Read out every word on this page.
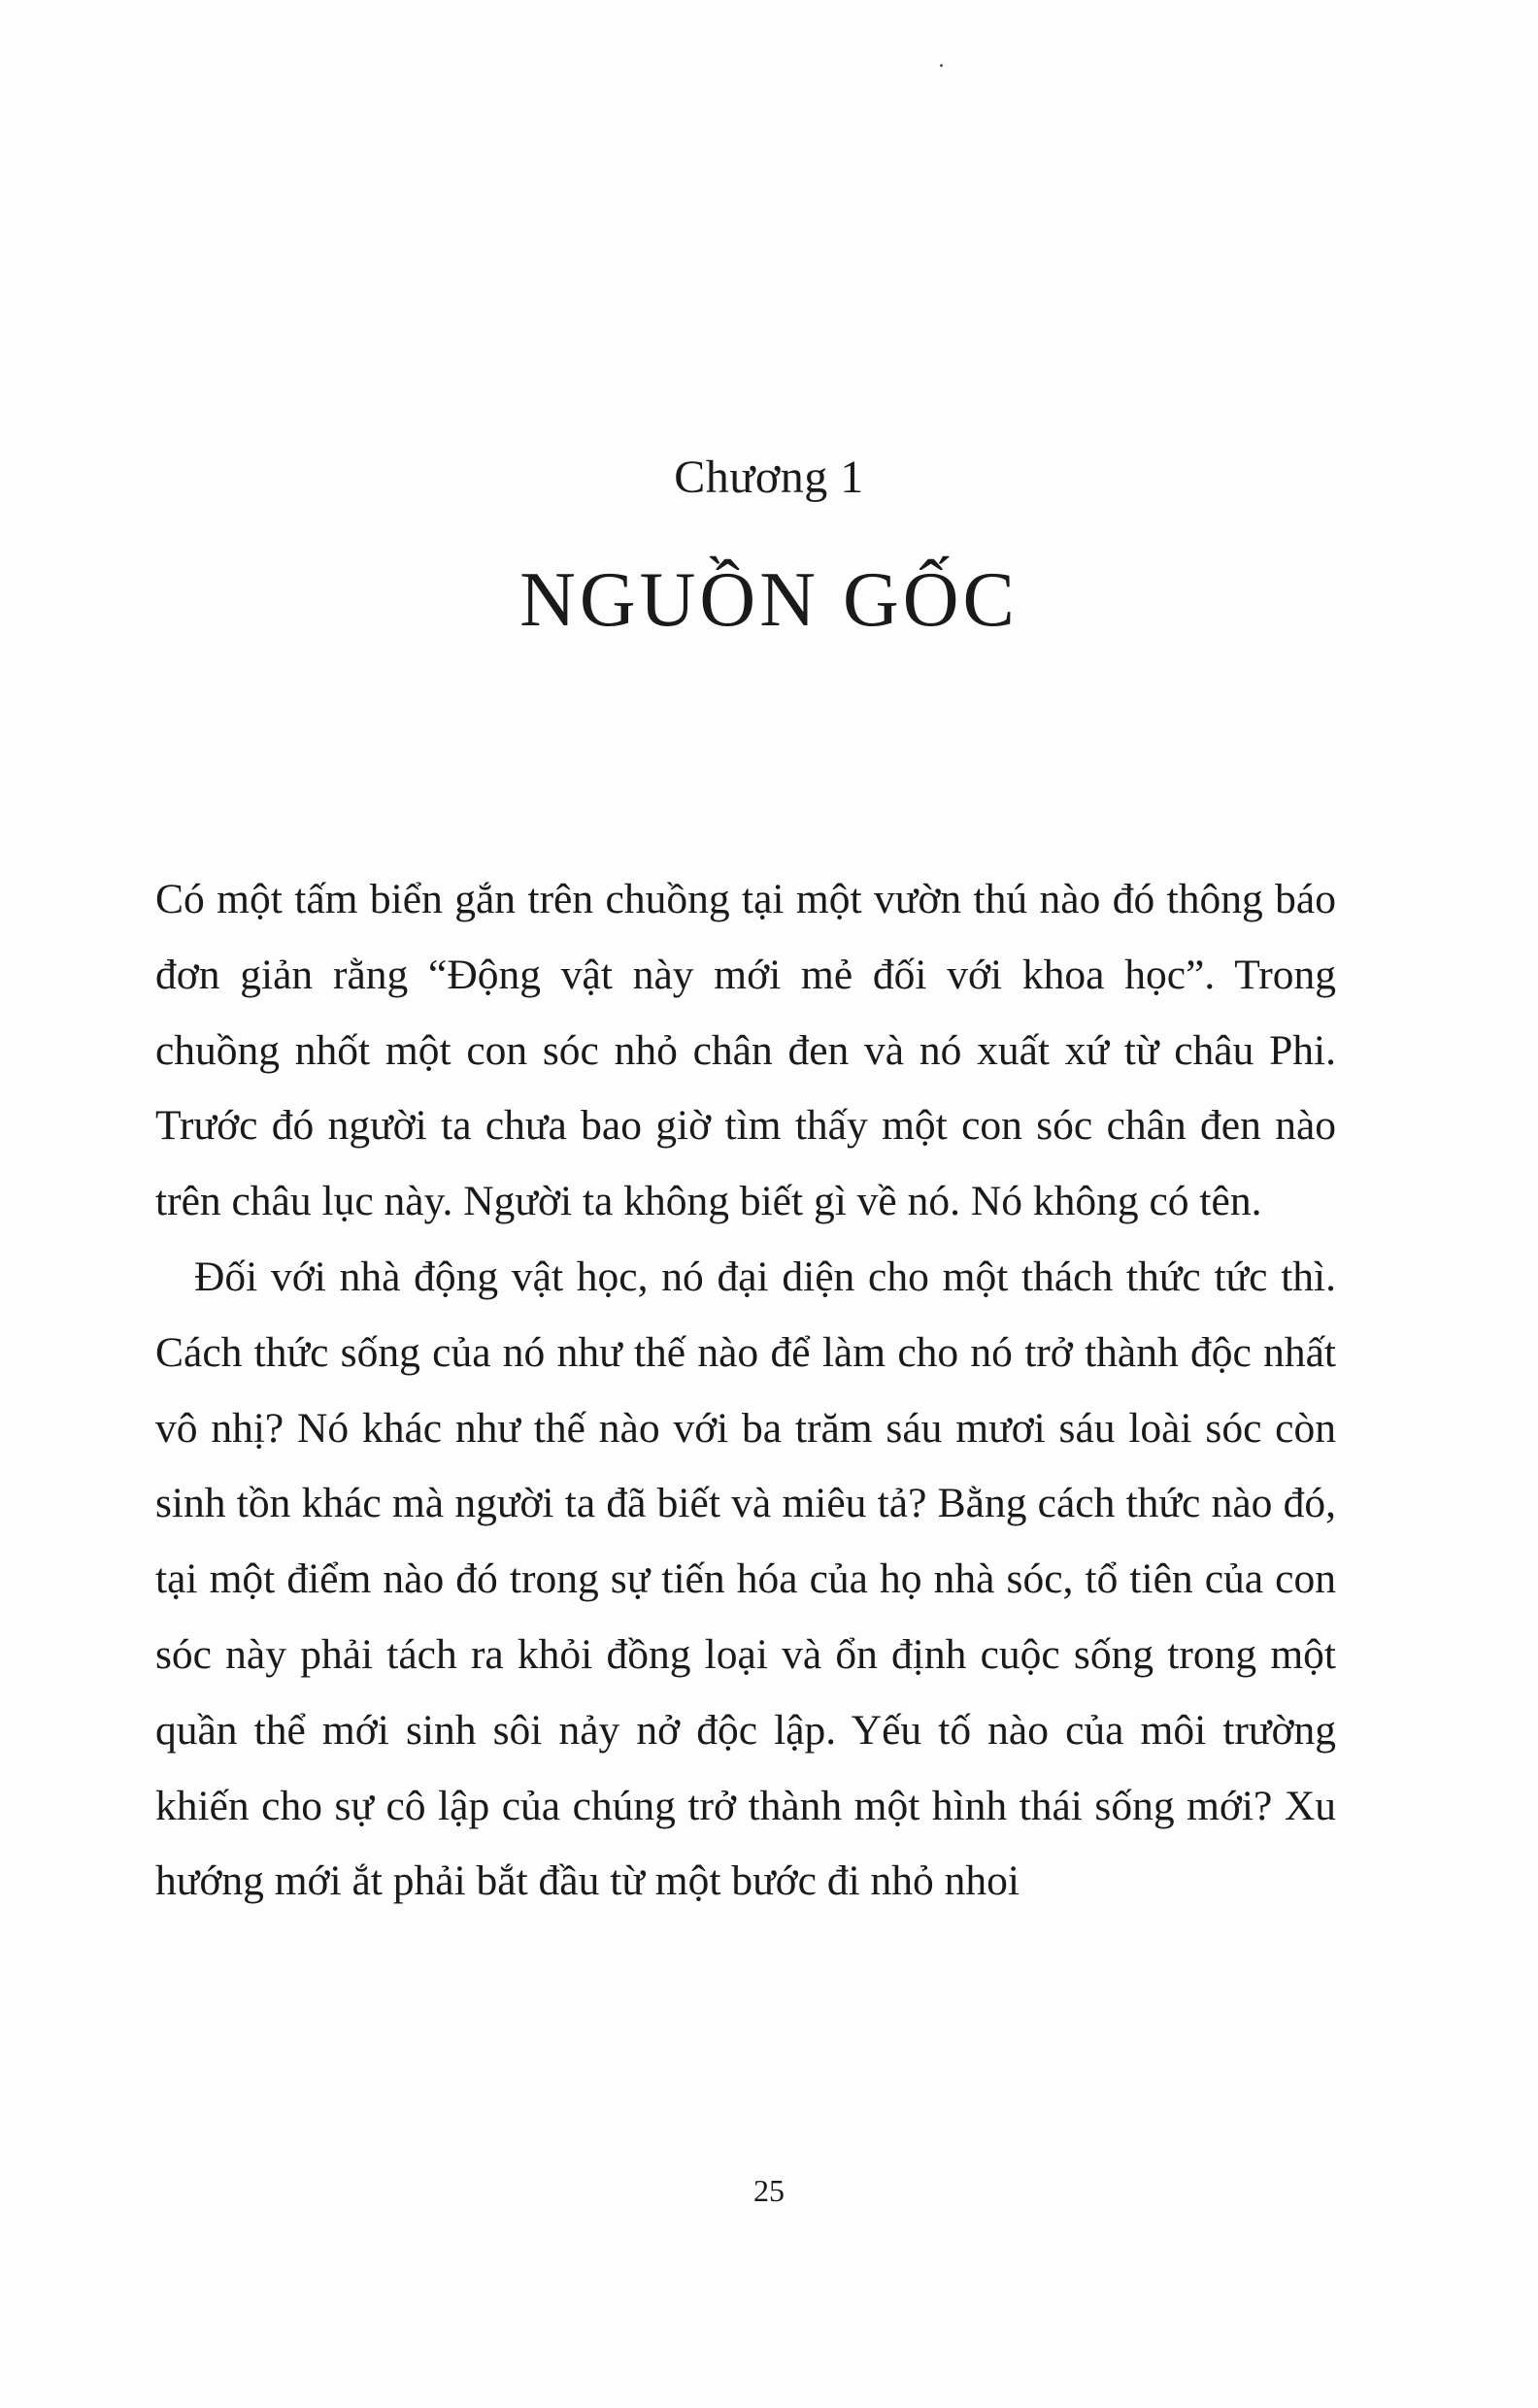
Chương 1
NGUỒN GỐC

Có một tấm biển gắn trên chuồng tại một vườn thú nào đó thông báo đơn giản rằng “Động vật này mới mẻ đối với khoa học”. Trong chuồng nhốt một con sóc nhỏ chân đen và nó xuất xứ từ châu Phi. Trước đó người ta chưa bao giờ tìm thấy một con sóc chân đen nào trên châu lục này. Người ta không biết gì về nó. Nó không có tên.

Đối với nhà động vật học, nó đại diện cho một thách thức tức thì. Cách thức sống của nó như thế nào để làm cho nó trở thành độc nhất vô nhị? Nó khác như thế nào với ba trăm sáu mươi sáu loài sóc còn sinh tồn khác mà người ta đã biết và miêu tả? Bằng cách thức nào đó, tại một điểm nào đó trong sự tiến hóa của họ nhà sóc, tổ tiên của con sóc này phải tách ra khỏi đồng loại và ổn định cuộc sống trong một quần thể mới sinh sôi nảy nở độc lập. Yếu tố nào của môi trường khiến cho sự cô lập của chúng trở thành một hình thái sống mới? Xu hướng mới ắt phải bắt đầu từ một bước đi nhỏ nhoi

25
